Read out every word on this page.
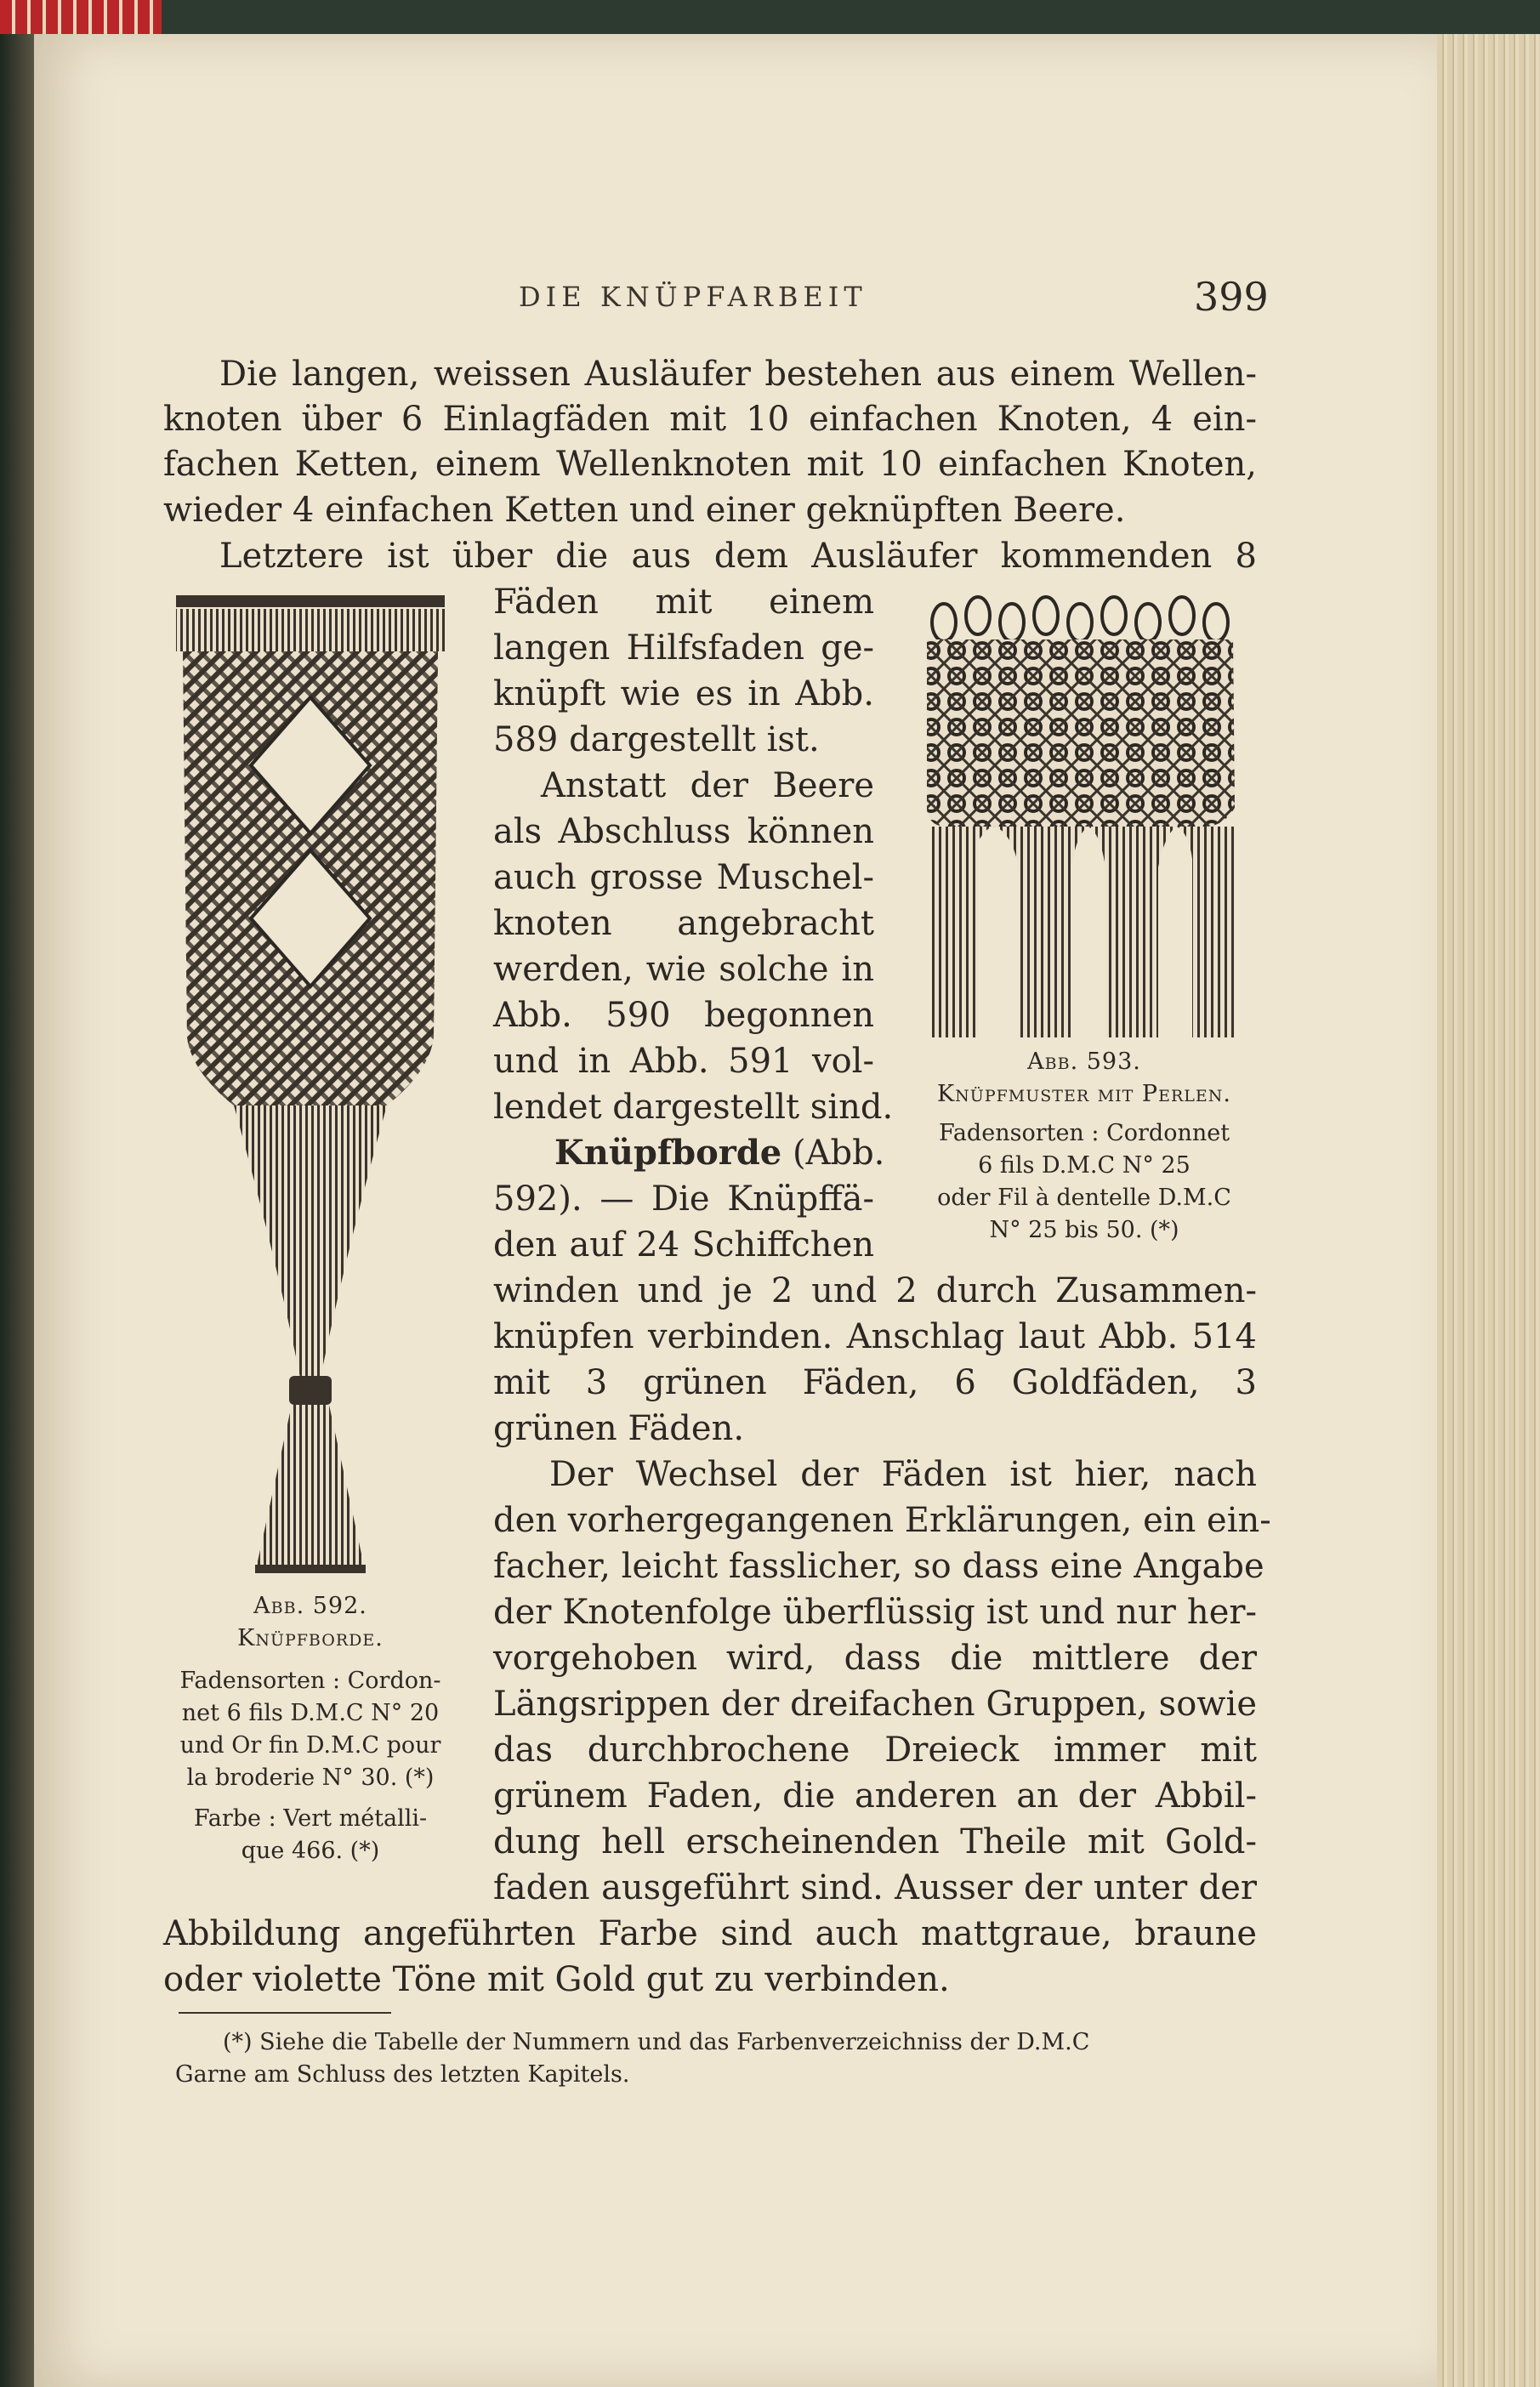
DIE KNÜPFARBEIT	399
Die langen, weissen Ausläufer bestehen aus einem Wellen-
knoten über 6 Einlagfäden mit 10 einfachen Knoten, 4 ein-
fachen Ketten, einem Wellenknoten mit 10 einfachen Knoten,
wieder 4 einfachen Ketten und einer geknüpften Beere.
Letztere ist über die aus dem Ausläufer kommenden 8
Fäden mit einem
langen Hilfsfaden ge-
knüpft wie es in Abb.
589 dargestellt ist.
Anstatt der Beere
als Abschluss können
auch grosse Muschel-
knoten angebracht
werden, wie solche in
Abb. 590 begonnen
und in Abb. 591 vol-
lendet dargestellt sind.
Knüpfborde (Abb.
592). — Die Knüpffä-
den auf 24 Schiffchen
winden und je 2 und 2 durch Zusammen-
knüpfen verbinden. Anschlag laut Abb. 514
mit 3 grünen Fäden, 6 Goldfäden, 3
grünen Fäden.
Der Wechsel der Fäden ist hier, nach
den vorhergegangenen Erklärungen, ein ein-
facher, leicht fasslicher, so dass eine Angabe
der Knotenfolge überflüssig ist und nur her-
vorgehoben wird, dass die mittlere der
Längsrippen der dreifachen Gruppen, sowie
das durchbrochene Dreieck immer mit
grünem Faden, die anderen an der Abbil-
dung hell erscheinenden Theile mit Gold-
faden ausgeführt sind. Ausser der unter der
Abbildung angeführten Farbe sind auch mattgraue, braune
oder violette Töne mit Gold gut zu verbinden.
Abb. 592.
Knüpfborde.
Fadensorten : Cordon-
net 6 fils D.M.C N° 20
und Or fin D.M.C pour
la broderie N° 30. (*)
Farbe : Vert métalli-
que 466. (*)
Abb. 593.
Knüpfmuster mit Perlen.
Fadensorten : Cordonnet
6 fils D.M.C N° 25
oder Fil à dentelle D.M.C
N° 25 bis 50. (*)
(*) Siehe die Tabelle der Nummern und das Farbenverzeichniss der D.M.C
Garne am Schluss des letzten Kapitels.
